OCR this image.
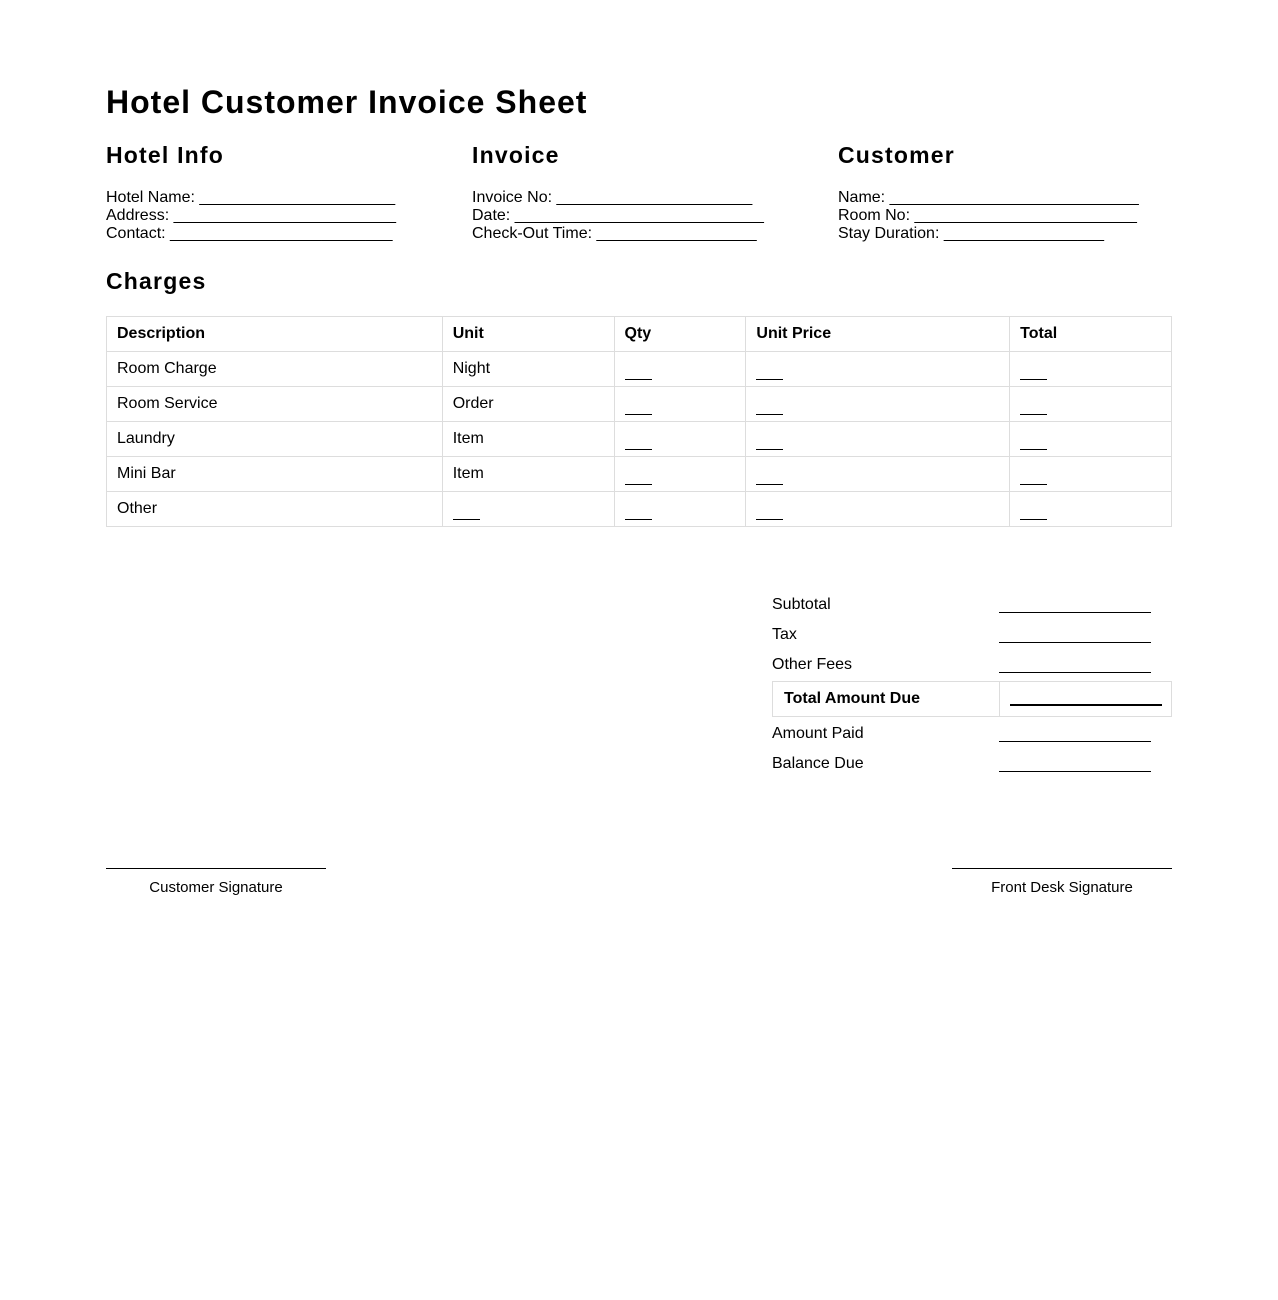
Hotel Customer Invoice Sheet
Hotel Info
Hotel Name: ______________________
Address: _________________________
Contact: _________________________
Invoice
Invoice No: ______________________
Date: ____________________________
Check-Out Time: __________________
Customer
Name: ____________________________
Room No: _________________________
Stay Duration: __________________
Charges
Description	Unit	Qty	Unit Price	Total
Room Charge	Night			
Room Service	Order			
Laundry	Item			
Mini Bar	Item			
Other				
Subtotal
Tax
Other Fees
Total Amount Due
Amount Paid
Balance Due
Customer Signature	Front Desk Signature
